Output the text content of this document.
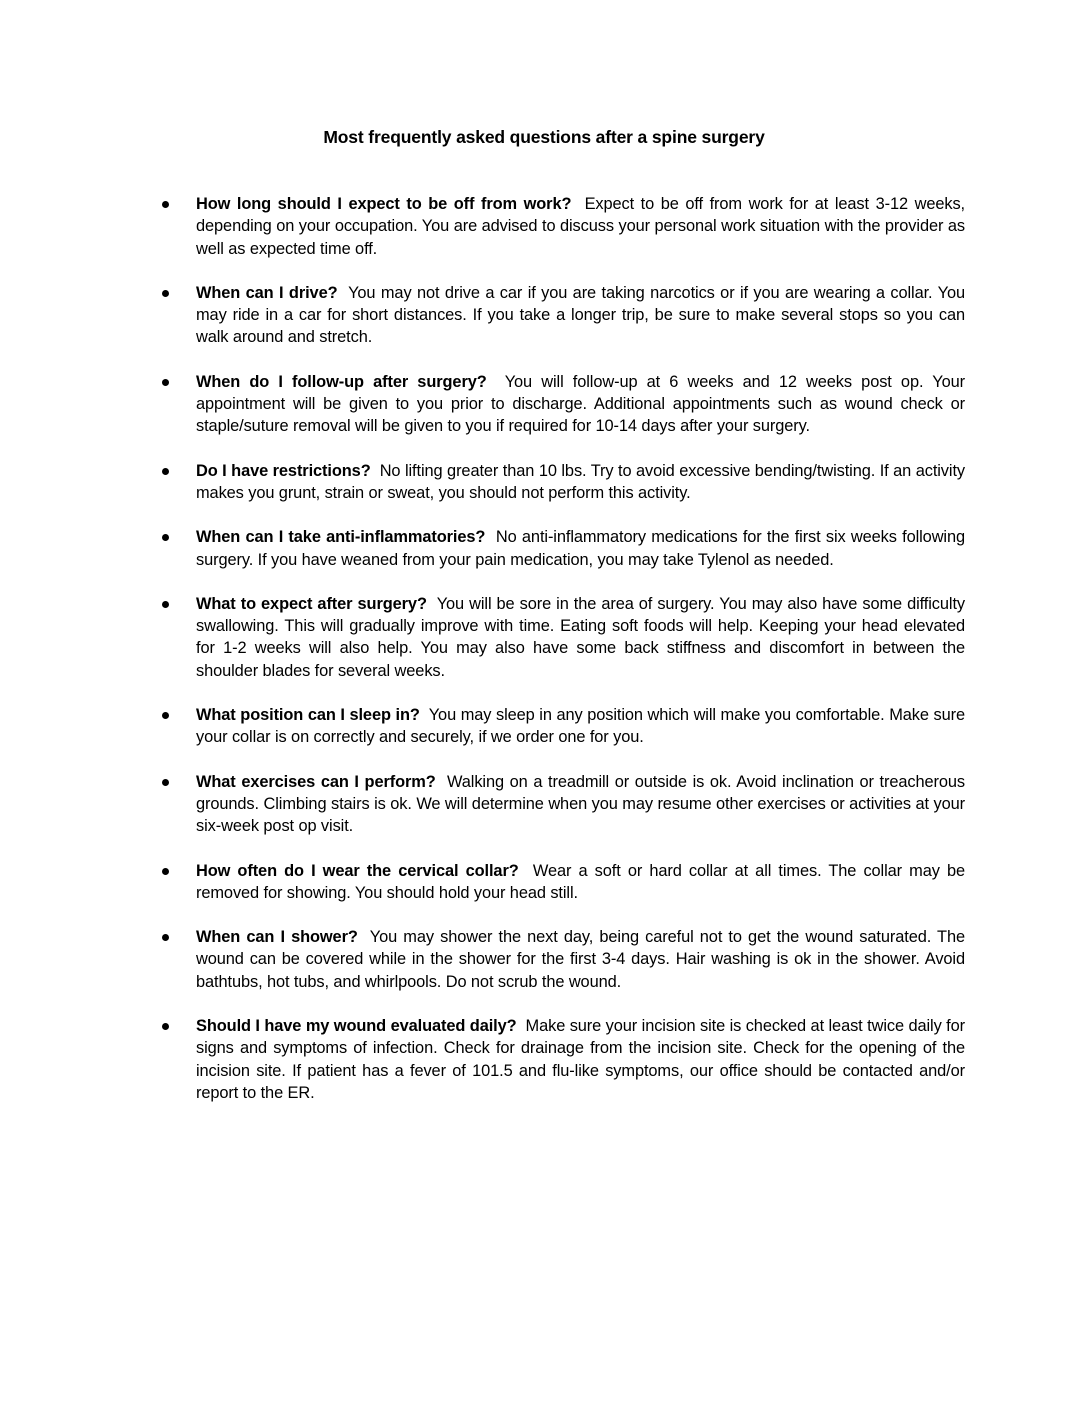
Most frequently asked questions after a spine surgery
How long should I expect to be off from work? Expect to be off from work for at least 3-12 weeks, depending on your occupation. You are advised to discuss your personal work situation with the provider as well as expected time off.
When can I drive? You may not drive a car if you are taking narcotics or if you are wearing a collar. You may ride in a car for short distances. If you take a longer trip, be sure to make several stops so you can walk around and stretch.
When do I follow-up after surgery? You will follow-up at 6 weeks and 12 weeks post op. Your appointment will be given to you prior to discharge. Additional appointments such as wound check or staple/suture removal will be given to you if required for 10-14 days after your surgery.
Do I have restrictions? No lifting greater than 10 lbs. Try to avoid excessive bending/twisting. If an activity makes you grunt, strain or sweat, you should not perform this activity.
When can I take anti-inflammatories? No anti-inflammatory medications for the first six weeks following surgery. If you have weaned from your pain medication, you may take Tylenol as needed.
What to expect after surgery? You will be sore in the area of surgery. You may also have some difficulty swallowing. This will gradually improve with time. Eating soft foods will help. Keeping your head elevated for 1-2 weeks will also help. You may also have some back stiffness and discomfort in between the shoulder blades for several weeks.
What position can I sleep in? You may sleep in any position which will make you comfortable. Make sure your collar is on correctly and securely, if we order one for you.
What exercises can I perform? Walking on a treadmill or outside is ok. Avoid inclination or treacherous grounds. Climbing stairs is ok. We will determine when you may resume other exercises or activities at your six-week post op visit.
How often do I wear the cervical collar? Wear a soft or hard collar at all times. The collar may be removed for showing. You should hold your head still.
When can I shower? You may shower the next day, being careful not to get the wound saturated. The wound can be covered while in the shower for the first 3-4 days. Hair washing is ok in the shower. Avoid bathtubs, hot tubs, and whirlpools. Do not scrub the wound.
Should I have my wound evaluated daily? Make sure your incision site is checked at least twice daily for signs and symptoms of infection. Check for drainage from the incision site. Check for the opening of the incision site. If patient has a fever of 101.5 and flu-like symptoms, our office should be contacted and/or report to the ER.
